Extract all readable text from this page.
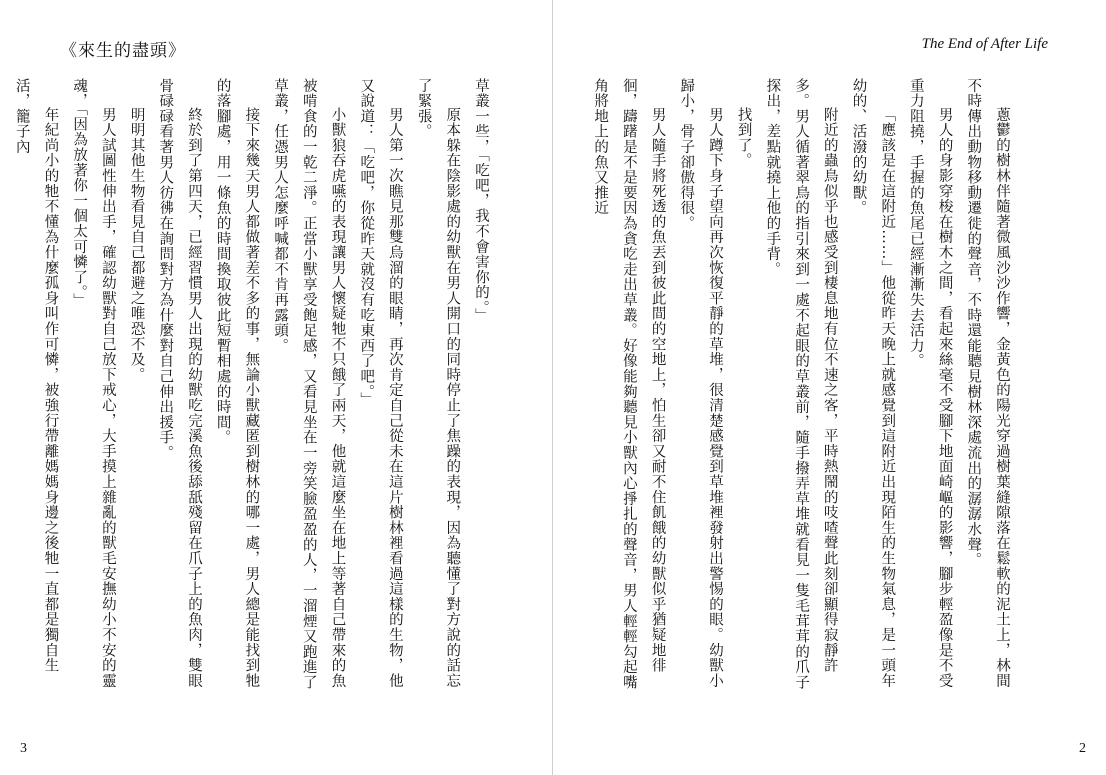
《來生的盡頭》

草叢一些，「吃吧，我不會害你的。」

原本躲在陰影處的幼獸在男人開口的同時停止了焦躁的表現，因為聽懂了對方說的話忘了緊張。

男人第一次瞧見那雙烏溜的眼睛，再次肯定自己從未在這片樹林裡看過這樣的生物，他又說道：「吃吧，你從昨天就沒有吃東西了吧。」

小獸狼吞虎嚥的表現讓男人懷疑牠不只餓了兩天，他就這麼坐在地上等著自己帶來的魚被啃食的一乾二淨。正當小獸享受飽足感，又看見坐在一旁笑臉盈盈的人，一溜煙又跑進了草叢，任憑男人怎麼呼喊都不肯再露頭。

接下來幾天男人都做著差不多的事，無論小獸藏匿到樹林的哪一處，男人總是能找到牠的落腳處，用一條魚的時間換取彼此短暫相處的時間。

終於到了第四天，已經習慣男人出現的幼獸吃完溪魚後舔舐殘留在爪子上的魚肉，雙眼骨碌碌看著男人彷彿在詢問對方為什麼對自己伸出援手。

明明其他生物看見自己都避之唯恐不及。

男人試圖性伸出手，確認幼獸對自己放下戒心，大手摸上雜亂的獸毛安撫幼小不安的靈魂，「因為放著你一個太可憐了。」

年紀尚小的牠不懂為什麼孤身叫作可憐，被強行帶離媽媽身邊之後牠一直都是獨自生活，籠子內

3
The End of After Life

蔥鬱的樹林伴隨著微風沙沙作響，金黃色的陽光穿過樹葉縫隙落在鬆軟的泥土上，林間不時傳出動物移動遷徙的聲音，不時還能聽見樹林深處流出的潺潺水聲。

男人的身影穿梭在樹木之間，看起來絲毫不受腳下地面崎嶇的影響，腳步輕盈像是不受重力阻撓，手握的魚尾已經漸漸失去活力。

「應該是在這附近……」他從昨天晚上就感覺到這附近出現陌生的生物氣息，是一頭年幼的、活潑的幼獸。

附近的蟲鳥似乎也感受到棲息地有位不速之客，平時熱鬧的吱喳聲此刻卻顯得寂靜許多。男人循著翠鳥的指引來到一處不起眼的草叢前，隨手撥弄草堆就看見一隻毛茸茸的爪子探出，差點就撓上他的手背。

找到了。

男人蹲下身子望向再次恢復平靜的草堆，很清楚感覺到草堆裡發射出警惕的眼。幼獸小歸小，骨子卻傲得很。

男人隨手將死透的魚丟到彼此間的空地上，怕生卻又耐不住飢餓的幼獸似乎猶疑地徘徊，躊躇是不是要因為貪吃走出草叢。好像能夠聽見小獸內心掙扎的聲音，男人輕輕勾起嘴角將地上的魚又推近

2
